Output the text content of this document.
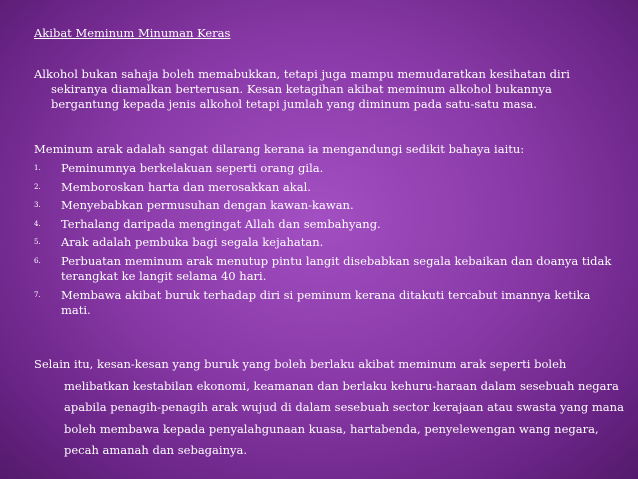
Akibat Meminum Minuman Keras
Alkohol bukan sahaja boleh memabukkan, tetapi juga mampu memudaratkan kesihatan diri sekiranya diamalkan berterusan. Kesan ketagihan akibat meminum alkohol bukannya bergantung kepada jenis alkohol tetapi jumlah yang diminum pada satu-satu masa.
Meminum arak adalah sangat dilarang kerana ia mengandungi sedikit bahaya iaitu:
1. Peminumnya berkelakuan seperti orang gila.
2. Memboroskan harta dan merosakkan akal.
3. Menyebabkan permusuhan dengan kawan-kawan.
4. Terhalang daripada mengingat Allah dan sembahyang.
5. Arak adalah pembuka bagi segala kejahatan.
6. Perbuatan meminum arak menutup pintu langit disebabkan segala kebaikan dan doanya tidak terangkat ke langit selama 40 hari.
7. Membawa akibat buruk terhadap diri si peminum kerana ditakuti tercabut imannya ketika mati.
Selain itu, kesan-kesan yang buruk yang boleh berlaku akibat meminum arak seperti boleh melibatkan kestabilan ekonomi, keamanan dan berlaku kehuru-haraan dalam sesebuah negara apabila penagih-penagih arak wujud di dalam sesebuah sector kerajaan atau swasta yang mana boleh membawa kepada penyalahgunaan kuasa, hartabenda, penyelewengan wang negara, pecah amanah dan sebagainya.
